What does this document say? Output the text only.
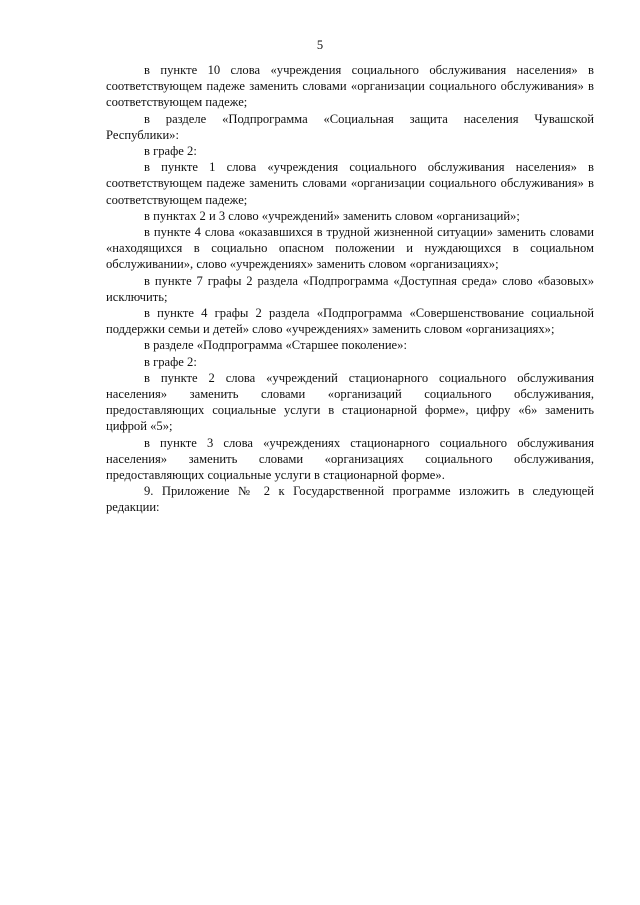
5

в пункте 10 слова «учреждения социального обслуживания населения» в соответствующем падеже заменить словами «организации социального обслуживания» в соответствующем падеже;

в разделе «Подпрограмма «Социальная защита населения Чувашской Республики»:

в графе 2:

в пункте 1 слова «учреждения социального обслуживания населения» в соответствующем падеже заменить словами «организации социального обслуживания» в соответствующем падеже;

в пунктах 2 и 3 слово «учреждений» заменить словом «организаций»;

в пункте 4 слова «оказавшихся в трудной жизненной ситуации» заменить словами «находящихся в социально опасном положении и нуждающихся в социальном обслуживании», слово «учреждениях» заменить словом «организациях»;

в пункте 7 графы 2 раздела «Подпрограмма «Доступная среда» слово «базовых» исключить;

в пункте 4 графы 2 раздела «Подпрограмма «Совершенствование социальной поддержки семьи и детей» слово «учреждениях» заменить словом «организациях»;

в разделе «Подпрограмма «Старшее поколение»:

в графе 2:

в пункте 2 слова «учреждений стационарного социального обслуживания населения» заменить словами «организаций социального обслуживания, предоставляющих социальные услуги в стационарной форме», цифру «6» заменить цифрой «5»;

в пункте 3 слова «учреждениях стационарного социального обслуживания населения» заменить словами «организациях социального обслуживания, предоставляющих социальные услуги в стационарной форме».

9. Приложение № 2 к Государственной программе изложить в следующей редакции:
